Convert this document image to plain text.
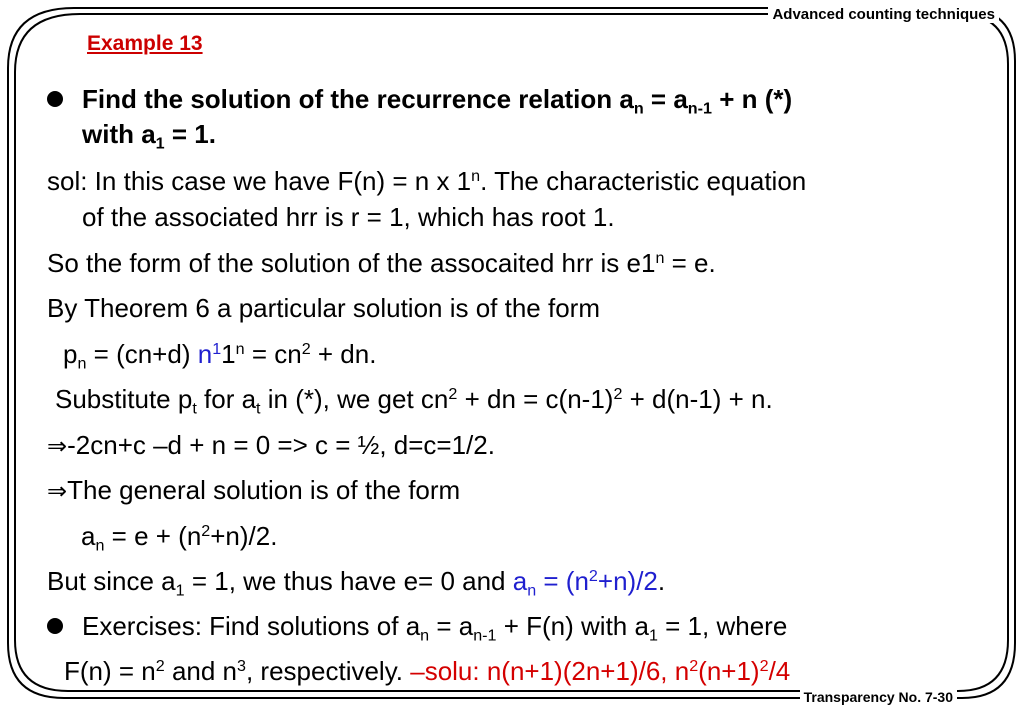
Advanced counting techniques
Transparency No. 7-30
Example 13
Find the solution of the recurrence relation $a_n = a_{n-1} + n$ (*)
with $a_1 = 1$.
sol: In this case we have F(n) = n x 1$^n$. The characteristic equation
of the associated hrr is r = 1, which has root 1.
So the form of the solution of the assocaited hrr is $e1^n = e$.
By Theorem 6 a particular solution is of the form
$p_n = (cn+d) n^11^n = cn^2$ + dn.
Substitute $p_t$ for $a_t$ in (*), we get $cn^2$ + dn = $c(n-1)^2 + d(n-1) + n$.
⇒-2cn+c –d + n = 0 => c = ½, d=c=1/2.
⇒The general solution is of the form
$a_n = e + (n^2+n)/2$.
But since $a_1 = 1$, we thus have e= 0 and $a_n = (n^2+n)/2$.
Exercises: Find solutions of $a_n = a_{n-1} + F(n)$ with $a_1 = 1$, where
$F(n) = n^2$ and $n^3$, respectively. –solu: n(n+1)(2n+1)/6, $n^2(n+1)^2/4$
